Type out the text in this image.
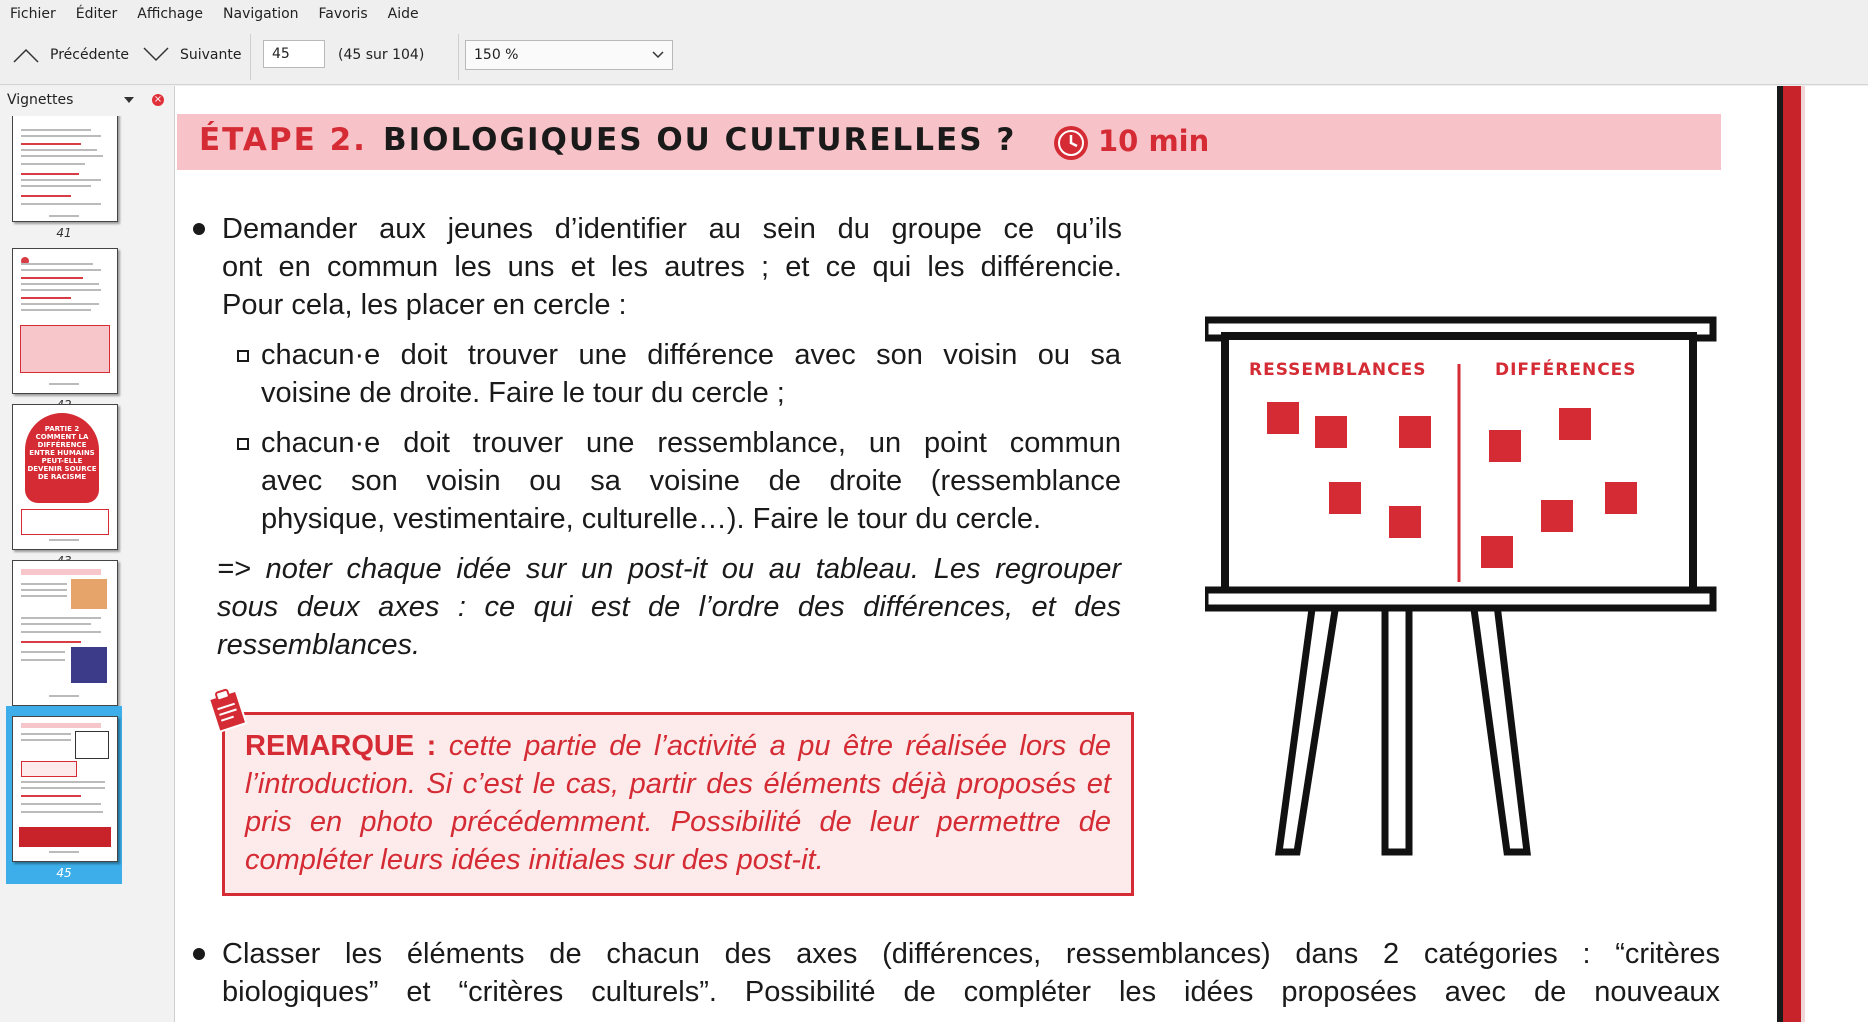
Fichier	Éditer	Affichage	Navigation	Favoris	Aide
Précédente	Suivante	45	(45 sur 104)	150 %
Vignettes	×
41
PARTIE 2 COMMENT LA DIFFÉRENCE ENTRE HUMAINS PEUT-ELLE DEVENIR SOURCE DE RACISME
45
ÉTAPE 2. BIOLOGIQUES OU CULTURELLES ?	10 min
Demander aux jeunes d’identifier au sein du groupe ce qu’ils
ont en commun les uns et les autres ; et ce qui les différencie.
Pour cela, les placer en cercle :
chacun·e doit trouver une différence avec son voisin ou sa
voisine de droite. Faire le tour du cercle ;
chacun·e doit trouver une ressemblance, un point commun
avec son voisin ou sa voisine de droite (ressemblance
physique, vestimentaire, culturelle…). Faire le tour du cercle.
=> noter chaque idée sur un post-it ou au tableau. Les regrouper
sous deux axes : ce qui est de l’ordre des différences, et des
ressemblances.
REMARQUE : cette partie de l’activité a pu être réalisée lors de l’introduction. Si c’est le cas, partir des éléments déjà proposés et pris en photo précédemment. Possibilité de leur permettre de compléter leurs idées initiales sur des post-it.
RESSEMBLANCES	DIFFÉRENCES
Classer les éléments de chacun des axes (différences, ressemblances) dans 2 catégories : “critères
biologiques” et “critères culturels”. Possibilité de compléter les idées proposées avec de nouveaux
